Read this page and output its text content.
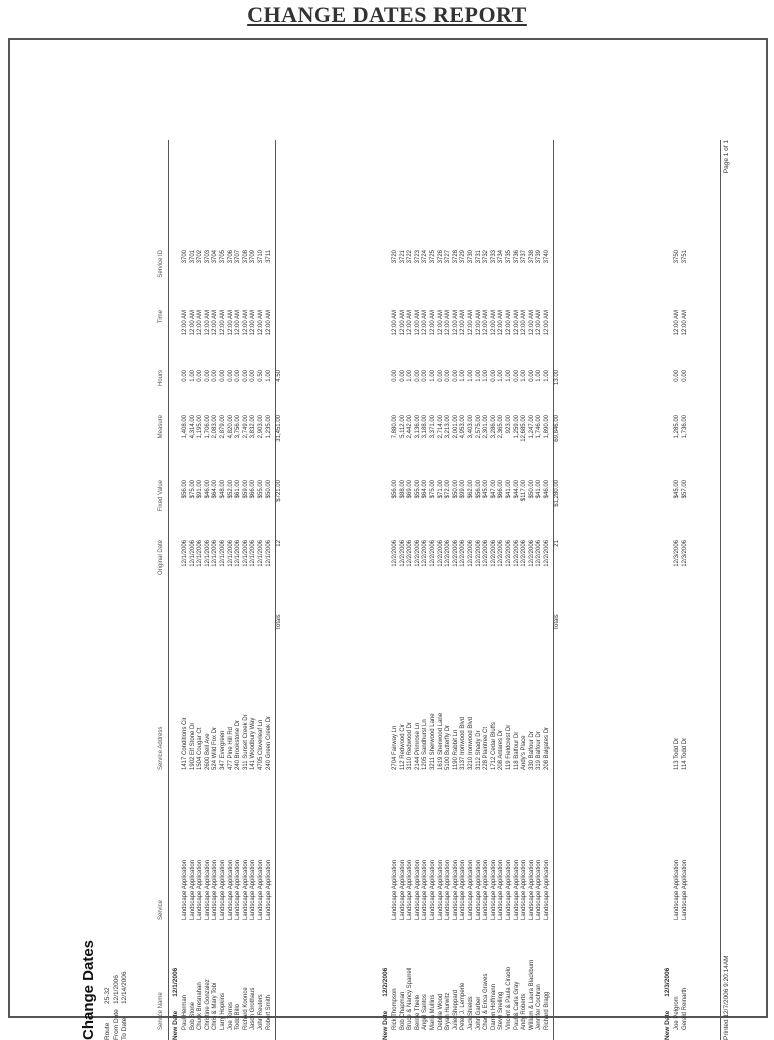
CHANGE DATES REPORT
Change Dates Route
25-32
From Date
12/1/2006
To Date
12/14/2006
Service Name
Service
Service Address
Original Date
Fixed Value
Measure
Hours
Time
Service ID
New Date12/1/2006
Paul Herman
Landscape Application
1417 Conditions Cir
12/1/2006
$56.00
1,408.00
0.00
12:00 AM
3700
Bob Stone
Landscape Application
1902 Elf Stone Dr
12/1/2006
$75.00
4,314.00
1.00
12:00 AM
3701
Chuck Bresnahan
Landscape Application
1504 Cougar Ct
12/1/2006
$91.00
1,195.00
0.00
12:00 AM
3702
Christine Gonzalez
Landscape Application
2600 Bell Ave
12/1/2006
$46.00
1,706.00
0.00
12:00 AM
3703
Chris & Mary Tobi
Landscape Application
524 Wild Fox Dr
12/1/2006
$64.00
2,083.00
0.00
12:00 AM
3704
Larry Hopkins
Landscape Application
347 Evergreen
12/1/2006
$48.00
2,879.00
0.00
12:00 AM
3705
Joe Torres
Landscape Application
477 Pine Hill Rd
12/1/2006
$52.00
4,820.00
0.00
12:00 AM
3706
Todd Billo
Landscape Application
240 Brookstone Dr
12/1/2006
$61.00
3,756.00
0.00
12:00 AM
3707
Richard Koonce
Landscape Application
311 Sunset Creek Dr
12/1/2006
$59.00
2,749.00
0.00
12:00 AM
3708
Jason Grothaus
Landscape Application
141 Woodbury Way
12/1/2006
$66.00
3,832.00
0.00
12:00 AM
3709
John Reuters
Landscape Application
4705 Cloverleaf Ln
12/1/2006
$55.00
2,903.00
0.50
12:00 AM
3710
Robert Smith
Landscape Application
240 Green Creek Dr
12/1/2006
$50.00
1,235.00
1.00
12:00 AM
3711
Totals
12
$721.00
31,451.00
4.50
New Date12/2/2006
Rick Thompson
Landscape Application
2704 Fairway Ln
12/2/2006
$56.00
7,880.00
0.00
12:00 AM
3720
Bob Chapman
Landscape Application
112 Redwood Cir
12/2/2006
$88.00
5,112.00
0.00
12:00 AM
3721
Bruce & Nancy Sparrell
Landscape Application
3110 Redwood Dr
12/2/2006
$69.00
2,442.00
1.00
12:00 AM
3722
Bernie Thiele
Landscape Application
2144 Primrose Ln
12/2/2006
$55.00
3,136.00
0.00
12:00 AM
3723
Angel Santos
Landscape Application
1205 Sandhurst Ln
12/2/2006
$64.00
3,188.00
0.00
12:00 AM
3724
Maria Mullins
Landscape Application
3211 Sherwood Lane
12/2/2006
$75.00
3,371.00
1.00
12:00 AM
3725
Debbie Wood
Landscape Application
1619 Sherwood Lane
12/2/2006
$71.00
2,714.00
0.00
12:00 AM
3726
Bryan Hurwitz
Landscape Application
5100 Butterfly Dr
12/2/2006
$72.00
3,213.00
0.00
12:00 AM
3727
Julie Sheppard
Landscape Application
1190 Rabbit Ln
12/2/2006
$50.00
2,001.00
0.00
12:00 AM
3728
Peter J. Lemperle
Landscape Application
3137 Ironwood Blvd
12/2/2006
$99.00
4,953.00
1.00
12:00 AM
3729
Jack Shields
Landscape Application
3210 Ironwood Blvd
12/2/2006
$62.00
3,403.00
1.00
12:00 AM
3730
John Garber
Landscape Application
3112 Shady Dr
12/2/2006
$56.00
2,575.00
1.00
12:00 AM
3731
Chad & Erica Graves
Landscape Application
228 Plaintree Ct
12/2/2006
$45.00
2,301.00
1.00
12:00 AM
3732
Darren Hoffmann
Landscape Application
1712 Cedar Bluffs
12/2/2006
$47.00
3,286.00
0.00
12:00 AM
3733
Steve Snelling
Landscape Application
208 Antares Dr
12/2/2006
$66.00
2,365.00
1.00
12:00 AM
3734
Vincent & Paula Ciraolo
Landscape Application
119 Fieldcrest Dr
12/2/2006
$41.00
923.00
1.00
12:00 AM
3735
Paul & Carla Gray
Landscape Application
118 Balfour Dr
12/2/2006
$44.00
1,259.00
0.00
12:00 AM
3736
Andy Roberts
Landscape Application
Andy's Place
12/2/2006
$117.00
12,685.00
1.00
12:00 AM
3737
William & Laura Blackburn
Landscape Application
330 Balfour Dr
12/2/2006
$50.00
1,247.00
0.00
12:00 AM
3738
Jennifer Cochran
Landscape Application
319 Balfour Dr
12/2/2006
$41.00
1,746.00
1.00
12:00 AM
3739
Richard Bragg
Landscape Application
208 Balgates Dr
12/2/2006
$46.00
1,890.00
1.00
12:00 AM
3740
Totals
21
$1,280.00
69,846.00
13.00
New Date12/3/2006
Joe Pelgrom
Landscape Application
113 Todd Dr
12/3/2006
$45.00
1,285.00
0.00
12:00 AM
3750
Gerald Reinarth
Landscape Application
114 Todd Dr
12/3/2006
$57.00
1,736.00
0.00
12:00 AM
3751
Printed 12/7/2006 9:20:14AM
Page 1 of 1
